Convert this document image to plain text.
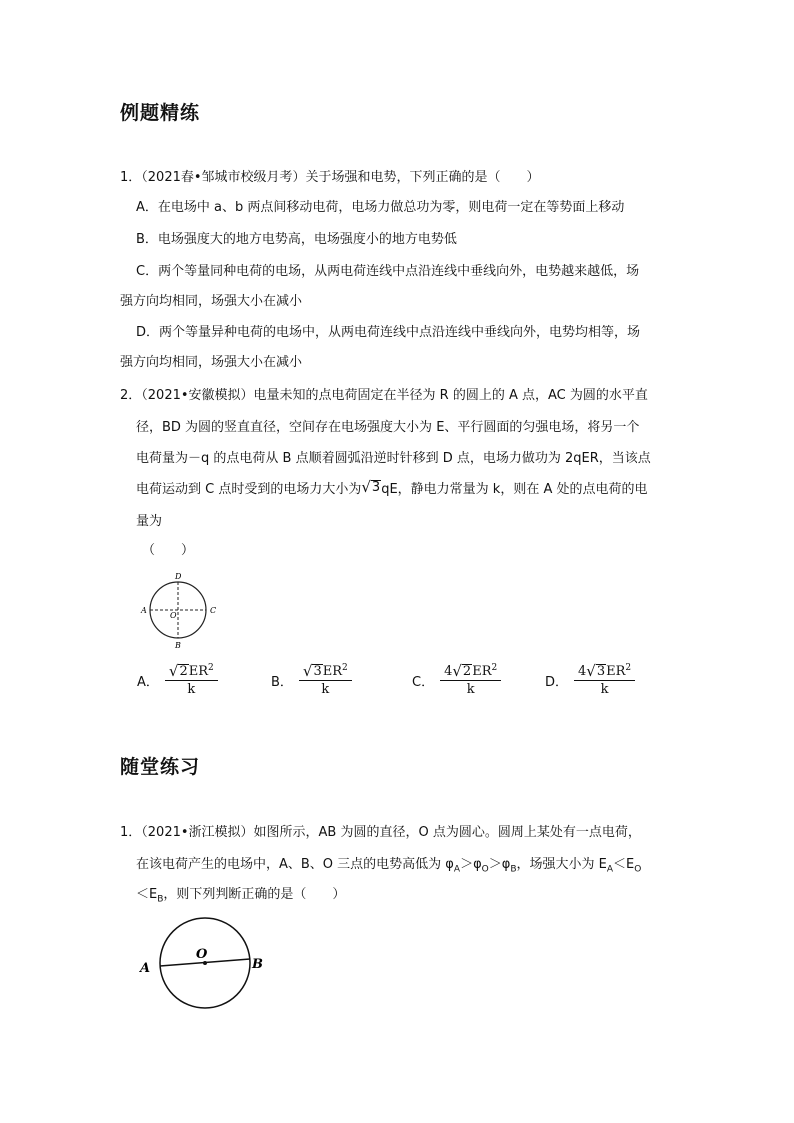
例题精练
1．（2021春•邹城市校级月考）关于场强和电势，下列正确的是（　　）
A．在电场中 a、b 两点间移动电荷，电场力做总功为零，则电荷一定在等势面上移动
B．电场强度大的地方电势高，电场强度小的地方电势低
C．两个等量同种电荷的电场，从两电荷连线中点沿连线中垂线向外，电势越来越低，场
强方向均相同，场强大小在减小
D．两个等量异种电荷的电场中，从两电荷连线中点沿连线中垂线向外，电势均相等，场
强方向均相同，场强大小在减小
2．（2021•安徽模拟）电量未知的点电荷固定在半径为 R 的圆上的 A 点，AC 为圆的水平直
径，BD 为圆的竖直直径，空间存在电场强度大小为 E、平行圆面的匀强电场，将另一个
电荷量为－q 的点电荷从 B 点顺着圆弧沿逆时针移到 D 点，电场力做功为 2qER，当该点
电荷运动到 C 点时受到的电场力大小为 √ 3 qE，静电力常量为 k，则在 A 处的点电荷的电
量为
（　　）
D
A	C
O
B
A． $\frac{√ 2 ER 2}{k}$	B． $\frac{√ 3 ER 2}{k}$	C． $\frac{4 √ 2 ER 2}{k}$	D． $\frac{4 √ 3 ER 2}{k}$
随堂练习
1．（2021•浙江模拟）如图所示，AB 为圆的直径，O 点为圆心。圆周上某处有一点电荷，
在该电荷产生的电场中，A、B、O 三点的电势高低为 $\varphi_A>\varphi_O>\varphi_B$，场强大小为 $E_A<E_O$
$<E_B$，则下列判断正确的是（　　）
A
O
B
